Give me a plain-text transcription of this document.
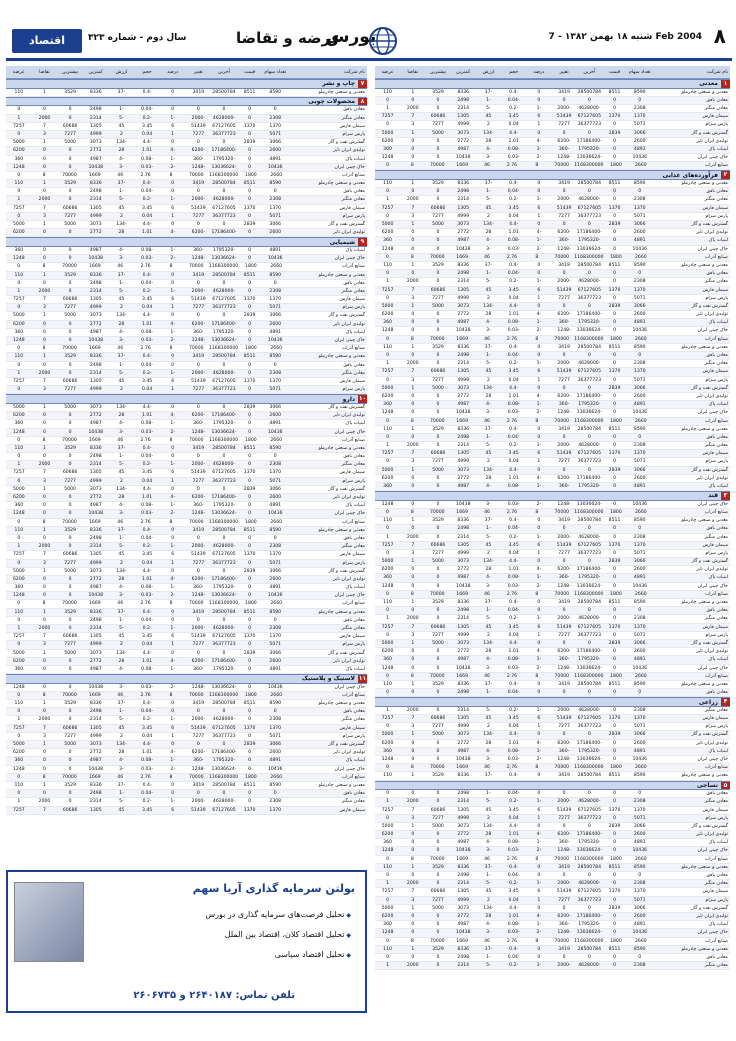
۸
شنبه ۱۸ بهمن ۱۳۸۲ - 7 Feb 2004
بورس
عرضه و تقاضا
سال دوم - شماره ۳۲۳
اقتصاد
نام شرکت
تعداد سهام
قیمت
آخرین
تغییر
درصد
حجم
ارزش
کمترین
بیشترین
تقاضا
عرضه
۱
معدنی
معدنی و صنعتی چادرملو
8590
8511
28500784
3419
0
-0.4
-37
8336
3529
1
110
معادن بافق
0
0
0
0
0
-0.04
-1
2498
0
0
0
معادن منگنز
2308
0
-4628000
-2000
-1
-0.2
-5
2314
0
2000
1
سیمان فارس
1370
1370
67127605
51439
6
3.45
45
1305
60686
7
7257
پارس سرام
5071
0
36377723
7277
1
0.04
2
4999
7277
3
0
گسترش نفت و گاز
3066
2839
0
0
0
-4.4
-134
3073
5000
1
5000
تولیدی ایران تایر
2600
0
-17186400
-6200
-4
1.01
28
2772
0
0
6200
لبنیات پاک
4891
0
-1795320
-360
-1
-0.08
-4
4987
0
0
360
خاک چینی ایران
10436
0
-13036624
-1248
-2
-0.03
-3
10438
0
0
1248
صنایع آذراب
2660
1800
1168300000
70000
8
2.76
46
1669
70000
8
0
۲
فرآورده‌های غذایی
معدنی و صنعتی چادرملو
8590
8511
28500784
3419
0
-0.4
-37
8336
3529
1
110
معادن بافق
0
0
0
0
0
-0.04
-1
2498
0
0
0
معادن منگنز
2308
0
-4628000
-2000
-1
-0.2
-5
2314
0
2000
1
سیمان فارس
1370
1370
67127605
51439
6
3.45
45
1305
60686
7
7257
پارس سرام
5071
0
36377723
7277
1
0.04
2
4999
7277
3
0
گسترش نفت و گاز
3066
2839
0
0
0
-4.4
-134
3073
5000
1
5000
تولیدی ایران تایر
2600
0
-17186400
-6200
-4
1.01
28
2772
0
0
6200
لبنیات پاک
4891
0
-1795320
-360
-1
-0.08
-4
4987
0
0
360
خاک چینی ایران
10436
0
-13036624
-1248
-2
-0.03
-3
10438
0
0
1248
صنایع آذراب
2660
1800
1168300000
70000
8
2.76
46
1669
70000
8
0
معدنی و صنعتی چادرملو
8590
8511
28500784
3419
0
-0.4
-37
8336
3529
1
110
معادن بافق
0
0
0
0
0
-0.04
-1
2498
0
0
0
معادن منگنز
2308
0
-4628000
-2000
-1
-0.2
-5
2314
0
2000
1
سیمان فارس
1370
1370
67127605
51439
6
3.45
45
1305
60686
7
7257
پارس سرام
5071
0
36377723
7277
1
0.04
2
4999
7277
3
0
گسترش نفت و گاز
3066
2839
0
0
0
-4.4
-134
3073
5000
1
5000
تولیدی ایران تایر
2600
0
-17186400
-6200
-4
1.01
28
2772
0
0
6200
لبنیات پاک
4891
0
-1795320
-360
-1
-0.08
-4
4987
0
0
360
خاک چینی ایران
10436
0
-13036624
-1248
-2
-0.03
-3
10438
0
0
1248
صنایع آذراب
2660
1800
1168300000
70000
8
2.76
46
1669
70000
8
0
معدنی و صنعتی چادرملو
8590
8511
28500784
3419
0
-0.4
-37
8336
3529
1
110
معادن بافق
0
0
0
0
0
-0.04
-1
2498
0
0
0
معادن منگنز
2308
0
-4628000
-2000
-1
-0.2
-5
2314
0
2000
1
سیمان فارس
1370
1370
67127605
51439
6
3.45
45
1305
60686
7
7257
پارس سرام
5071
0
36377723
7277
1
0.04
2
4999
7277
3
0
گسترش نفت و گاز
3066
2839
0
0
0
-4.4
-134
3073
5000
1
5000
تولیدی ایران تایر
2600
0
-17186400
-6200
-4
1.01
28
2772
0
0
6200
لبنیات پاک
4891
0
-1795320
-360
-1
-0.08
-4
4987
0
0
360
خاک چینی ایران
10436
0
-13036624
-1248
-2
-0.03
-3
10438
0
0
1248
صنایع آذراب
2660
1800
1168300000
70000
8
2.76
46
1669
70000
8
0
معدنی و صنعتی چادرملو
8590
8511
28500784
3419
0
-0.4
-37
8336
3529
1
110
معادن بافق
0
0
0
0
0
-0.04
-1
2498
0
0
0
معادن منگنز
2308
0
-4628000
-2000
-1
-0.2
-5
2314
0
2000
1
سیمان فارس
1370
1370
67127605
51439
6
3.45
45
1305
60686
7
7257
پارس سرام
5071
0
36377723
7277
1
0.04
2
4999
7277
3
0
گسترش نفت و گاز
3066
2839
0
0
0
-4.4
-134
3073
5000
1
5000
تولیدی ایران تایر
2600
0
-17186400
-6200
-4
1.01
28
2772
0
0
6200
لبنیات پاک
4891
0
-1795320
-360
-1
-0.08
-4
4987
0
0
360
۳
قند
خاک چینی ایران
10436
0
-13036624
-1248
-2
-0.03
-3
10438
0
0
1248
صنایع آذراب
2660
1800
1168300000
70000
8
2.76
46
1669
70000
8
0
معدنی و صنعتی چادرملو
8590
8511
28500784
3419
0
-0.4
-37
8336
3529
1
110
معادن بافق
0
0
0
0
0
-0.04
-1
2498
0
0
0
معادن منگنز
2308
0
-4628000
-2000
-1
-0.2
-5
2314
0
2000
1
سیمان فارس
1370
1370
67127605
51439
6
3.45
45
1305
60686
7
7257
پارس سرام
5071
0
36377723
7277
1
0.04
2
4999
7277
3
0
گسترش نفت و گاز
3066
2839
0
0
0
-4.4
-134
3073
5000
1
5000
تولیدی ایران تایر
2600
0
-17186400
-6200
-4
1.01
28
2772
0
0
6200
لبنیات پاک
4891
0
-1795320
-360
-1
-0.08
-4
4987
0
0
360
خاک چینی ایران
10436
0
-13036624
-1248
-2
-0.03
-3
10438
0
0
1248
صنایع آذراب
2660
1800
1168300000
70000
8
2.76
46
1669
70000
8
0
معدنی و صنعتی چادرملو
8590
8511
28500784
3419
0
-0.4
-37
8336
3529
1
110
معادن بافق
0
0
0
0
0
-0.04
-1
2498
0
0
0
معادن منگنز
2308
0
-4628000
-2000
-1
-0.2
-5
2314
0
2000
1
سیمان فارس
1370
1370
67127605
51439
6
3.45
45
1305
60686
7
7257
پارس سرام
5071
0
36377723
7277
1
0.04
2
4999
7277
3
0
گسترش نفت و گاز
3066
2839
0
0
0
-4.4
-134
3073
5000
1
5000
تولیدی ایران تایر
2600
0
-17186400
-6200
-4
1.01
28
2772
0
0
6200
لبنیات پاک
4891
0
-1795320
-360
-1
-0.08
-4
4987
0
0
360
خاک چینی ایران
10436
0
-13036624
-1248
-2
-0.03
-3
10438
0
0
1248
صنایع آذراب
2660
1800
1168300000
70000
8
2.76
46
1669
70000
8
0
معدنی و صنعتی چادرملو
8590
8511
28500784
3419
0
-0.4
-37
8336
3529
1
110
معادن بافق
0
0
0
0
0
-0.04
-1
2498
0
0
0
۴
زراعی
معادن منگنز
2308
0
-4628000
-2000
-1
-0.2
-5
2314
0
2000
1
سیمان فارس
1370
1370
67127605
51439
6
3.45
45
1305
60686
7
7257
پارس سرام
5071
0
36377723
7277
1
0.04
2
4999
7277
3
0
گسترش نفت و گاز
3066
2839
0
0
0
-4.4
-134
3073
5000
1
5000
تولیدی ایران تایر
2600
0
-17186400
-6200
-4
1.01
28
2772
0
0
6200
لبنیات پاک
4891
0
-1795320
-360
-1
-0.08
-4
4987
0
0
360
خاک چینی ایران
10436
0
-13036624
-1248
-2
-0.03
-3
10438
0
0
1248
صنایع آذراب
2660
1800
1168300000
70000
8
2.76
46
1669
70000
8
0
معدنی و صنعتی چادرملو
8590
8511
28500784
3419
0
-0.4
-37
8336
3529
1
110
۵
نساجی
معادن بافق
0
0
0
0
0
-0.04
-1
2498
0
0
0
معادن منگنز
2308
0
-4628000
-2000
-1
-0.2
-5
2314
0
2000
1
سیمان فارس
1370
1370
67127605
51439
6
3.45
45
1305
60686
7
7257
پارس سرام
5071
0
36377723
7277
1
0.04
2
4999
7277
3
0
گسترش نفت و گاز
3066
2839
0
0
0
-4.4
-134
3073
5000
1
5000
تولیدی ایران تایر
2600
0
-17186400
-6200
-4
1.01
28
2772
0
0
6200
لبنیات پاک
4891
0
-1795320
-360
-1
-0.08
-4
4987
0
0
360
خاک چینی ایران
10436
0
-13036624
-1248
-2
-0.03
-3
10438
0
0
1248
صنایع آذراب
2660
1800
1168300000
70000
8
2.76
46
1669
70000
8
0
معدنی و صنعتی چادرملو
8590
8511
28500784
3419
0
-0.4
-37
8336
3529
1
110
معادن بافق
0
0
0
0
0
-0.04
-1
2498
0
0
0
معادن منگنز
2308
0
-4628000
-2000
-1
-0.2
-5
2314
0
2000
1
سیمان فارس
1370
1370
67127605
51439
6
3.45
45
1305
60686
7
7257
پارس سرام
5071
0
36377723
7277
1
0.04
2
4999
7277
3
0
گسترش نفت و گاز
3066
2839
0
0
0
-4.4
-134
3073
5000
1
5000
تولیدی ایران تایر
2600
0
-17186400
-6200
-4
1.01
28
2772
0
0
6200
لبنیات پاک
4891
0
-1795320
-360
-1
-0.08
-4
4987
0
0
360
خاک چینی ایران
10436
0
-13036624
-1248
-2
-0.03
-3
10438
0
0
1248
صنایع آذراب
2660
1800
1168300000
70000
8
2.76
46
1669
70000
8
0
معدنی و صنعتی چادرملو
8590
8511
28500784
3419
0
-0.4
-37
8336
3529
1
110
معادن بافق
0
0
0
0
0
-0.04
-1
2498
0
0
0
معادن منگنز
2308
0
-4628000
-2000
-1
-0.2
-5
2314
0
2000
1
نام شرکت
تعداد سهام
قیمت
آخرین
تغییر
درصد
حجم
ارزش
کمترین
بیشترین
تقاضا
عرضه
۷
چاپ و نشر
معدنی و صنعتی چادرملو
8590
8511
28500784
3419
0
-0.4
-37
8336
3529
1
110
۸
محصولات چوبی
معادن بافق
0
0
0
0
0
-0.04
-1
2498
0
0
0
معادن منگنز
2308
0
-4628000
-2000
-1
-0.2
-5
2314
0
2000
1
سیمان فارس
1370
1370
67127605
51439
6
3.45
45
1305
60686
7
7257
پارس سرام
5071
0
36377723
7277
1
0.04
2
4999
7277
3
0
گسترش نفت و گاز
3066
2839
0
0
0
-4.4
-134
3073
5000
1
5000
تولیدی ایران تایر
2600
0
-17186400
-6200
-4
1.01
28
2772
0
0
6200
لبنیات پاک
4891
0
-1795320
-360
-1
-0.08
-4
4987
0
0
360
خاک چینی ایران
10436
0
-13036624
-1248
-2
-0.03
-3
10438
0
0
1248
صنایع آذراب
2660
1800
1168300000
70000
8
2.76
46
1669
70000
8
0
معدنی و صنعتی چادرملو
8590
8511
28500784
3419
0
-0.4
-37
8336
3529
1
110
معادن بافق
0
0
0
0
0
-0.04
-1
2498
0
0
0
معادن منگنز
2308
0
-4628000
-2000
-1
-0.2
-5
2314
0
2000
1
سیمان فارس
1370
1370
67127605
51439
6
3.45
45
1305
60686
7
7257
پارس سرام
5071
0
36377723
7277
1
0.04
2
4999
7277
3
0
گسترش نفت و گاز
3066
2839
0
0
0
-4.4
-134
3073
5000
1
5000
تولیدی ایران تایر
2600
0
-17186400
-6200
-4
1.01
28
2772
0
0
6200
۹
شیمیایی
لبنیات پاک
4891
0
-1795320
-360
-1
-0.08
-4
4987
0
0
360
خاک چینی ایران
10436
0
-13036624
-1248
-2
-0.03
-3
10438
0
0
1248
صنایع آذراب
2660
1800
1168300000
70000
8
2.76
46
1669
70000
8
0
معدنی و صنعتی چادرملو
8590
8511
28500784
3419
0
-0.4
-37
8336
3529
1
110
معادن بافق
0
0
0
0
0
-0.04
-1
2498
0
0
0
معادن منگنز
2308
0
-4628000
-2000
-1
-0.2
-5
2314
0
2000
1
سیمان فارس
1370
1370
67127605
51439
6
3.45
45
1305
60686
7
7257
پارس سرام
5071
0
36377723
7277
1
0.04
2
4999
7277
3
0
گسترش نفت و گاز
3066
2839
0
0
0
-4.4
-134
3073
5000
1
5000
تولیدی ایران تایر
2600
0
-17186400
-6200
-4
1.01
28
2772
0
0
6200
لبنیات پاک
4891
0
-1795320
-360
-1
-0.08
-4
4987
0
0
360
خاک چینی ایران
10436
0
-13036624
-1248
-2
-0.03
-3
10438
0
0
1248
صنایع آذراب
2660
1800
1168300000
70000
8
2.76
46
1669
70000
8
0
معدنی و صنعتی چادرملو
8590
8511
28500784
3419
0
-0.4
-37
8336
3529
1
110
معادن بافق
0
0
0
0
0
-0.04
-1
2498
0
0
0
معادن منگنز
2308
0
-4628000
-2000
-1
-0.2
-5
2314
0
2000
1
سیمان فارس
1370
1370
67127605
51439
6
3.45
45
1305
60686
7
7257
پارس سرام
5071
0
36377723
7277
1
0.04
2
4999
7277
3
0
۱۰
دارو
گسترش نفت و گاز
3066
2839
0
0
0
-4.4
-134
3073
5000
1
5000
تولیدی ایران تایر
2600
0
-17186400
-6200
-4
1.01
28
2772
0
0
6200
لبنیات پاک
4891
0
-1795320
-360
-1
-0.08
-4
4987
0
0
360
خاک چینی ایران
10436
0
-13036624
-1248
-2
-0.03
-3
10438
0
0
1248
صنایع آذراب
2660
1800
1168300000
70000
8
2.76
46
1669
70000
8
0
معدنی و صنعتی چادرملو
8590
8511
28500784
3419
0
-0.4
-37
8336
3529
1
110
معادن بافق
0
0
0
0
0
-0.04
-1
2498
0
0
0
معادن منگنز
2308
0
-4628000
-2000
-1
-0.2
-5
2314
0
2000
1
سیمان فارس
1370
1370
67127605
51439
6
3.45
45
1305
60686
7
7257
پارس سرام
5071
0
36377723
7277
1
0.04
2
4999
7277
3
0
گسترش نفت و گاز
3066
2839
0
0
0
-4.4
-134
3073
5000
1
5000
تولیدی ایران تایر
2600
0
-17186400
-6200
-4
1.01
28
2772
0
0
6200
لبنیات پاک
4891
0
-1795320
-360
-1
-0.08
-4
4987
0
0
360
خاک چینی ایران
10436
0
-13036624
-1248
-2
-0.03
-3
10438
0
0
1248
صنایع آذراب
2660
1800
1168300000
70000
8
2.76
46
1669
70000
8
0
معدنی و صنعتی چادرملو
8590
8511
28500784
3419
0
-0.4
-37
8336
3529
1
110
معادن بافق
0
0
0
0
0
-0.04
-1
2498
0
0
0
معادن منگنز
2308
0
-4628000
-2000
-1
-0.2
-5
2314
0
2000
1
سیمان فارس
1370
1370
67127605
51439
6
3.45
45
1305
60686
7
7257
پارس سرام
5071
0
36377723
7277
1
0.04
2
4999
7277
3
0
گسترش نفت و گاز
3066
2839
0
0
0
-4.4
-134
3073
5000
1
5000
تولیدی ایران تایر
2600
0
-17186400
-6200
-4
1.01
28
2772
0
0
6200
لبنیات پاک
4891
0
-1795320
-360
-1
-0.08
-4
4987
0
0
360
خاک چینی ایران
10436
0
-13036624
-1248
-2
-0.03
-3
10438
0
0
1248
صنایع آذراب
2660
1800
1168300000
70000
8
2.76
46
1669
70000
8
0
معدنی و صنعتی چادرملو
8590
8511
28500784
3419
0
-0.4
-37
8336
3529
1
110
معادن بافق
0
0
0
0
0
-0.04
-1
2498
0
0
0
معادن منگنز
2308
0
-4628000
-2000
-1
-0.2
-5
2314
0
2000
1
سیمان فارس
1370
1370
67127605
51439
6
3.45
45
1305
60686
7
7257
پارس سرام
5071
0
36377723
7277
1
0.04
2
4999
7277
3
0
گسترش نفت و گاز
3066
2839
0
0
0
-4.4
-134
3073
5000
1
5000
تولیدی ایران تایر
2600
0
-17186400
-6200
-4
1.01
28
2772
0
0
6200
لبنیات پاک
4891
0
-1795320
-360
-1
-0.08
-4
4987
0
0
360
۱۱
لاستیک و پلاستیک
خاک چینی ایران
10436
0
-13036624
-1248
-2
-0.03
-3
10438
0
0
1248
صنایع آذراب
2660
1800
1168300000
70000
8
2.76
46
1669
70000
8
0
معدنی و صنعتی چادرملو
8590
8511
28500784
3419
0
-0.4
-37
8336
3529
1
110
معادن بافق
0
0
0
0
0
-0.04
-1
2498
0
0
0
معادن منگنز
2308
0
-4628000
-2000
-1
-0.2
-5
2314
0
2000
1
سیمان فارس
1370
1370
67127605
51439
6
3.45
45
1305
60686
7
7257
پارس سرام
5071
0
36377723
7277
1
0.04
2
4999
7277
3
0
گسترش نفت و گاز
3066
2839
0
0
0
-4.4
-134
3073
5000
1
5000
تولیدی ایران تایر
2600
0
-17186400
-6200
-4
1.01
28
2772
0
0
6200
لبنیات پاک
4891
0
-1795320
-360
-1
-0.08
-4
4987
0
0
360
خاک چینی ایران
10436
0
-13036624
-1248
-2
-0.03
-3
10438
0
0
1248
صنایع آذراب
2660
1800
1168300000
70000
8
2.76
46
1669
70000
8
0
معدنی و صنعتی چادرملو
8590
8511
28500784
3419
0
-0.4
-37
8336
3529
1
110
معادن بافق
0
0
0
0
0
-0.04
-1
2498
0
0
0
معادن منگنز
2308
0
-4628000
-2000
-1
-0.2
-5
2314
0
2000
1
سیمان فارس
1370
1370
67127605
51439
6
3.45
45
1305
60686
7
7257
بولتن سرمایه گذاری آریا سهم
◆ تحلیل فرصت‌های سرمایه گذاری در بورس
◆ تحلیل اقتصاد کلان، اقتصاد بین الملل
◆ تحلیل اقتصاد سیاسی
تلفن تماس: ۲۶۴۰۱۸۷ و ۲۶۰۶۷۳۵
